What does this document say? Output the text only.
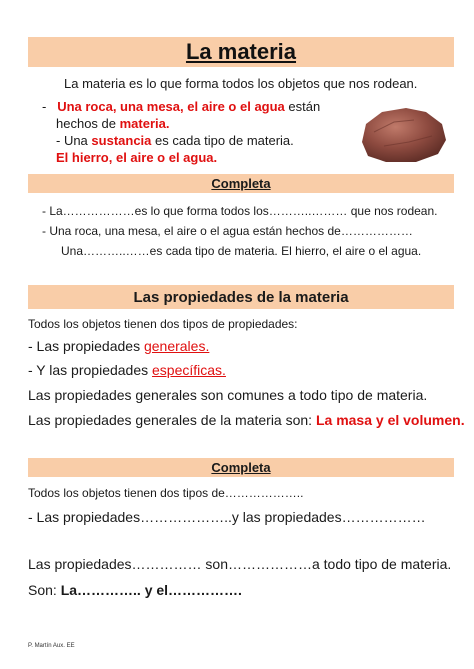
La materia
La materia es lo que forma todos los objetos que nos rodean.
- Una roca, una mesa, el aire o el agua están
hechos de materia.
- Una sustancia es cada tipo de materia.
El hierro, el aire o el agua.
Completa
- La………………es lo que forma todos los………..……… que nos rodean.
- Una roca, una mesa, el aire o el agua están hechos de………………
Una………..……es cada tipo de materia. El hierro, el aire o el agua.
Las propiedades de la materia
Todos los objetos tienen dos tipos de propiedades:
- Las propiedades generales.
- Y las propiedades específicas.
Las propiedades generales son comunes a todo tipo de materia.
Las propiedades generales de la materia son: La masa y el volumen.
Completa
Todos los objetos tienen dos tipos de………………..
- Las propiedades………………..y las propiedades………………
Las propiedades…………… son………………a todo tipo de materia.
Son: La………….. y el…………….
P. Martín Aux. EE
